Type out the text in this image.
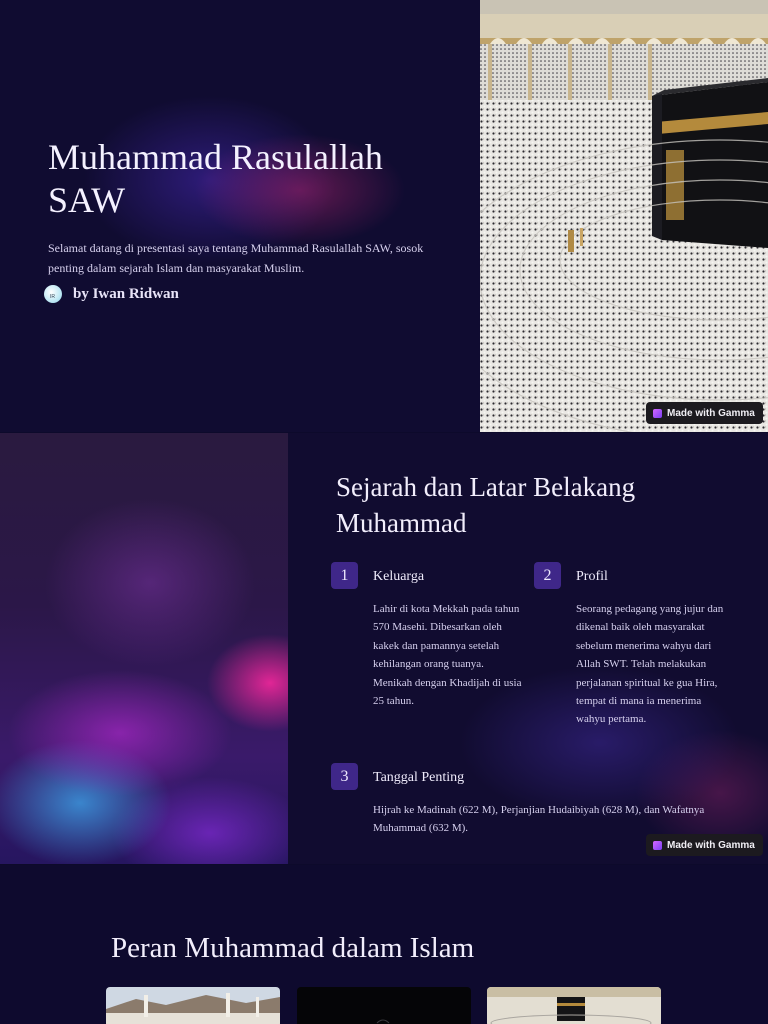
Muhammad Rasulallah SAW

Selamat datang di presentasi saya tentang Muhammad Rasulallah SAW, sosok penting dalam sejarah Islam dan masyarakat Muslim.

IR
by Iwan Ridwan
Made with Gamma
Sejarah dan Latar Belakang Muhammad
1	Keluarga
Lahir di kota Mekkah pada tahun 570 Masehi. Dibesarkan oleh kakek dan pamannya setelah kehilangan orang tuanya. Menikah dengan Khadijah di usia 25 tahun.
2	Profil
Seorang pedagang yang jujur dan dikenal baik oleh masyarakat sebelum menerima wahyu dari Allah SWT. Telah melakukan perjalanan spiritual ke gua Hira, tempat di mana ia menerima wahyu pertama.
3	Tanggal Penting
Hijrah ke Madinah (622 M), Perjanjian Hudaibiyah (628 M), dan Wafatnya Muhammad (632 M).
Made with Gamma
Peran Muhammad dalam Islam
